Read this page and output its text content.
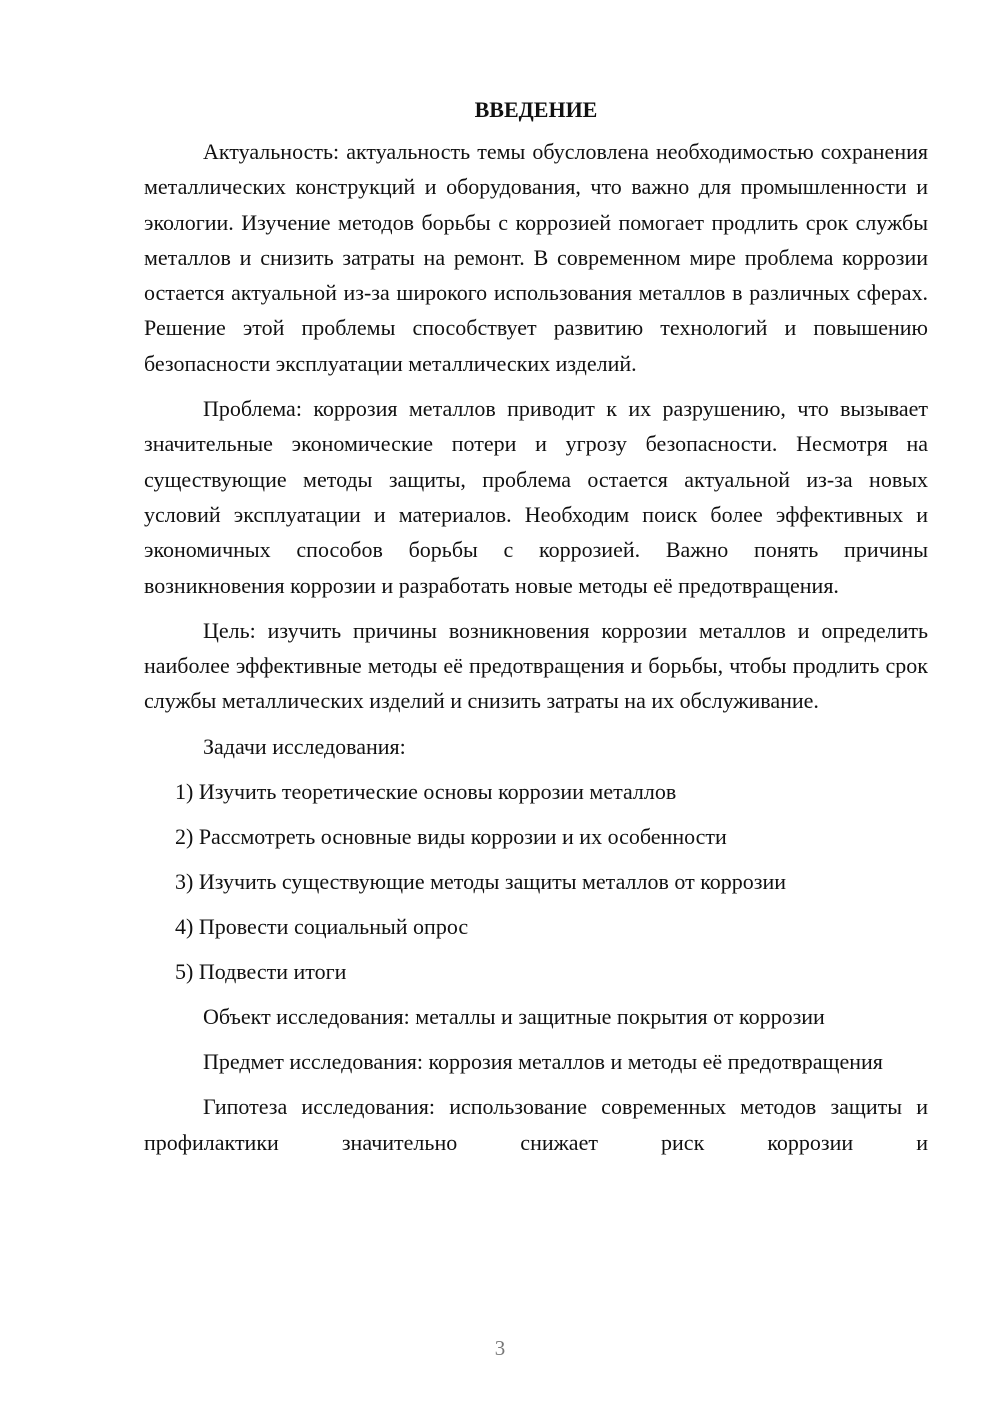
ВВЕДЕНИЕ

Актуальность: актуальность темы обусловлена необходимостью сохранения металлических конструкций и оборудования, что важно для промышленности и экологии. Изучение методов борьбы с коррозией помогает продлить срок службы металлов и снизить затраты на ремонт. В современном мире проблема коррозии остается актуальной из-за широкого использования металлов в различных сферах. Решение этой проблемы способствует развитию технологий и повышению безопасности эксплуатации металлических изделий.

Проблема: коррозия металлов приводит к их разрушению, что вызывает значительные экономические потери и угрозу безопасности. Несмотря на существующие методы защиты, проблема остается актуальной из-за новых условий эксплуатации и материалов. Необходим поиск более эффективных и экономичных способов борьбы с коррозией. Важно понять причины возникновения коррозии и разработать новые методы её предотвращения.

Цель: изучить причины возникновения коррозии металлов и определить наиболее эффективные методы её предотвращения и борьбы, чтобы продлить срок службы металлических изделий и снизить затраты на их обслуживание.

Задачи исследования:

1) Изучить теоретические основы коррозии металлов
2) Рассмотреть основные виды коррозии и их особенности
3) Изучить существующие методы защиты металлов от коррозии
4) Провести социальный опрос
5) Подвести итоги

Объект исследования: металлы и защитные покрытия от коррозии

Предмет исследования: коррозия металлов и методы её предотвращения

Гипотеза исследования: использование современных методов защиты и профилактики значительно снижает риск коррозии и

3
